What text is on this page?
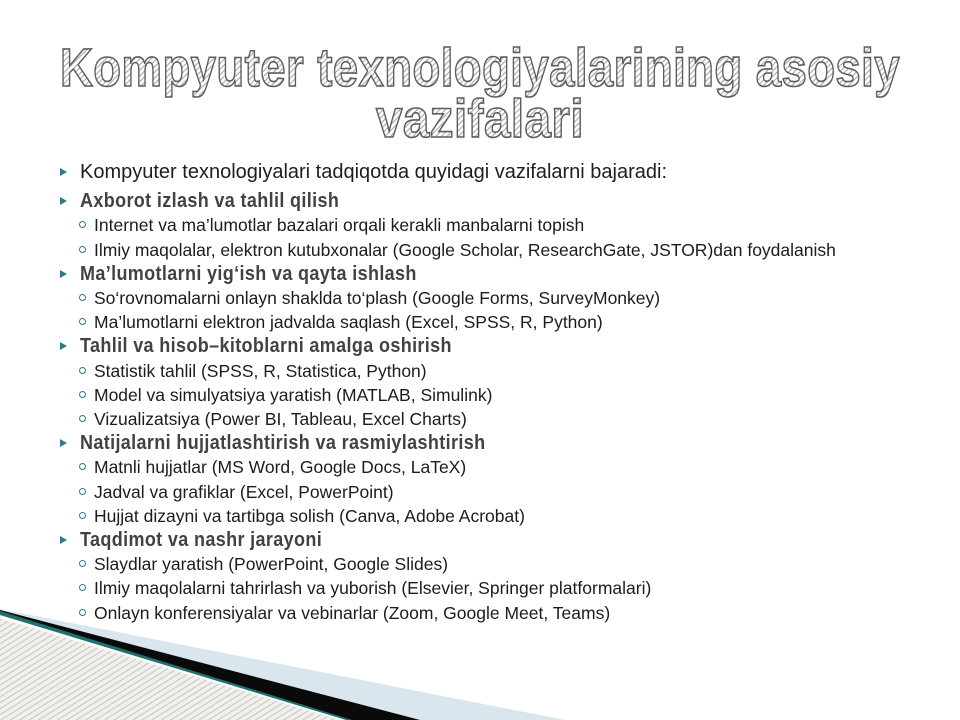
Kompyuter texnologiyalarining asosiy
vazifalari
Kompyuter texnologiyalari tadqiqotda quyidagi vazifalarni bajaradi:
Axborot izlash va tahlil qilish
Internet va ma’lumotlar bazalari orqali kerakli manbalarni topish
Ilmiy maqolalar, elektron kutubxonalar (Google Scholar, ResearchGate, JSTOR)dan foydalanish
Ma’lumotlarni yig‘ish va qayta ishlash
So‘rovnomalarni onlayn shaklda to‘plash (Google Forms, SurveyMonkey)
Ma’lumotlarni elektron jadvalda saqlash (Excel, SPSS, R, Python)
Tahlil va hisob–kitoblarni amalga oshirish
Statistik tahlil (SPSS, R, Statistica, Python)
Model va simulyatsiya yaratish (MATLAB, Simulink)
Vizualizatsiya (Power BI, Tableau, Excel Charts)
Natijalarni hujjatlashtirish va rasmiylashtirish
Matnli hujjatlar (MS Word, Google Docs, LaTeX)
Jadval va grafiklar (Excel, PowerPoint)
Hujjat dizayni va tartibga solish (Canva, Adobe Acrobat)
Taqdimot va nashr jarayoni
Slaydlar yaratish (PowerPoint, Google Slides)
Ilmiy maqolalarni tahrirlash va yuborish (Elsevier, Springer platformalari)
Onlayn konferensiyalar va vebinarlar (Zoom, Google Meet, Teams)
